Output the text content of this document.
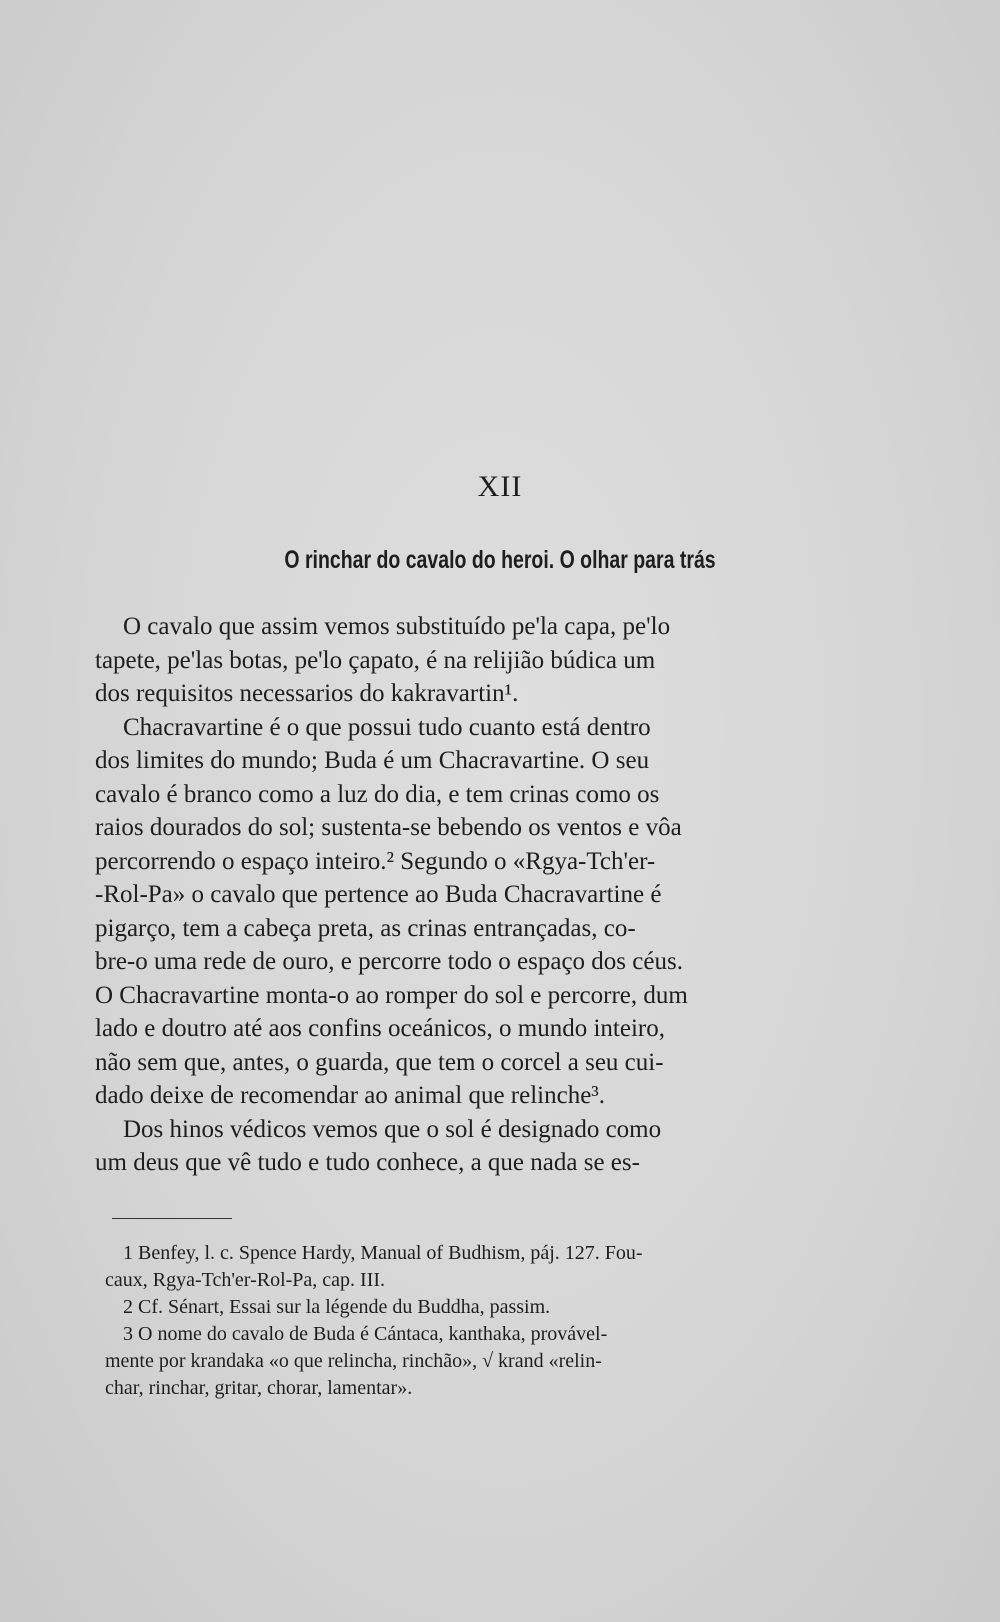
XII
O rinchar do cavalo do heroi. O olhar para trás
O cavalo que assim vemos substituído pe'la capa, pe'lo
tapete, pe'las botas, pe'lo çapato, é na relijião búdica um
dos requisitos necessarios do kakravartin¹.
Chacravartine é o que possui tudo cuanto está dentro
dos limites do mundo; Buda é um Chacravartine. O seu
cavalo é branco como a luz do dia, e tem crinas como os
raios dourados do sol; sustenta-se bebendo os ventos e vôa
percorrendo o espaço inteiro.² Segundo o «Rgya-Tch'er-
-Rol-Pa» o cavalo que pertence ao Buda Chacravartine é
pigarço, tem a cabeça preta, as crinas entrançadas, co-
bre-o uma rede de ouro, e percorre todo o espaço dos céus.
O Chacravartine monta-o ao romper do sol e percorre, dum
lado e doutro até aos confins oceánicos, o mundo inteiro,
não sem que, antes, o guarda, que tem o corcel a seu cui-
dado deixe de recomendar ao animal que relinche³.
Dos hinos védicos vemos que o sol é designado como
um deus que vê tudo e tudo conhece, a que nada se es-
1 Benfey, l. c. Spence Hardy, Manual of Budhism, páj. 127. Fou-
caux, Rgya-Tch'er-Rol-Pa, cap. III.
2 Cf. Sénart, Essai sur la légende du Buddha, passim.
3 O nome do cavalo de Buda é Cántaca, kanthaka, provável-
mente por krandaka «o que relincha, rinchão», √ krand «relin-
char, rinchar, gritar, chorar, lamentar».
